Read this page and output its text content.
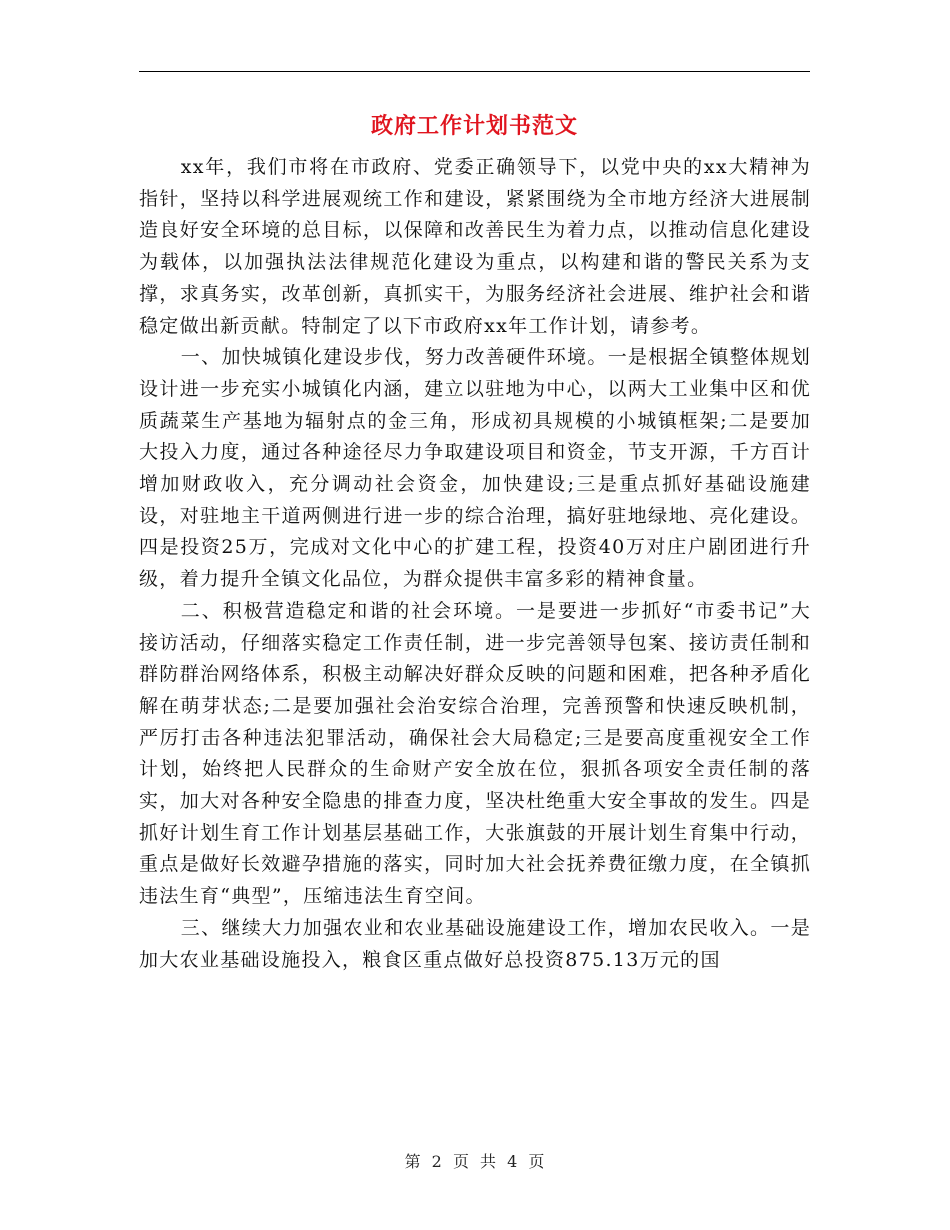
政府工作计划书范文

xx年，我们市将在市政府、党委正确领导下，以党中央的xx大精神为指针，坚持以科学进展观统工作和建设，紧紧围绕为全市地方经济大进展制造良好安全环境的总目标，以保障和改善民生为着力点，以推动信息化建设为载体，以加强执法法律规范化建设为重点，以构建和谐的警民关系为支撑，求真务实，改革创新，真抓实干，为服务经济社会进展、维护社会和谐稳定做出新贡献。特制定了以下市政府xx年工作计划，请参考。

一、加快城镇化建设步伐，努力改善硬件环境。一是根据全镇整体规划设计进一步充实小城镇化内涵，建立以驻地为中心，以两大工业集中区和优质蔬菜生产基地为辐射点的金三角，形成初具规模的小城镇框架;二是要加大投入力度，通过各种途径尽力争取建设项目和资金，节支开源，千方百计增加财政收入，充分调动社会资金，加快建设;三是重点抓好基础设施建设，对驻地主干道两侧进行进一步的综合治理，搞好驻地绿地、亮化建设。四是投资25万，完成对文化中心的扩建工程，投资40万对庄户剧团进行升级，着力提升全镇文化品位，为群众提供丰富多彩的精神食量。

二、积极营造稳定和谐的社会环境。一是要进一步抓好“市委书记”大接访活动，仔细落实稳定工作责任制，进一步完善领导包案、接访责任制和群防群治网络体系，积极主动解决好群众反映的问题和困难，把各种矛盾化解在萌芽状态;二是要加强社会治安综合治理，完善预警和快速反映机制，严厉打击各种违法犯罪活动，确保社会大局稳定;三是要高度重视安全工作计划，始终把人民群众的生命财产安全放在位，狠抓各项安全责任制的落实，加大对各种安全隐患的排查力度，坚决杜绝重大安全事故的发生。四是抓好计划生育工作计划基层基础工作，大张旗鼓的开展计划生育集中行动，重点是做好长效避孕措施的落实，同时加大社会抚养费征缴力度，在全镇抓违法生育“典型”，压缩违法生育空间。

三、继续大力加强农业和农业基础设施建设工作，增加农民收入。一是加大农业基础设施投入，粮食区重点做好总投资875.13万元的国

第 2 页 共 4 页
